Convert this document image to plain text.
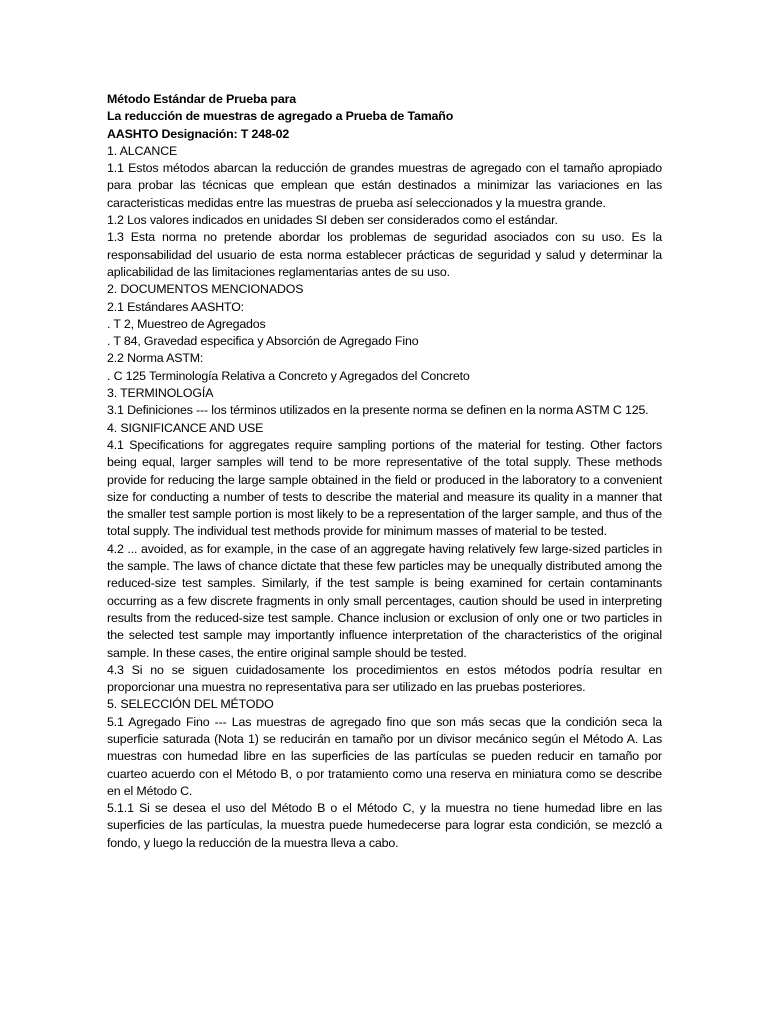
Método Estándar de Prueba para

La reducción de muestras de agregado a Prueba de Tamaño

AASHTO Designación: T 248-02

1. ALCANCE

1.1 Estos métodos abarcan la reducción de grandes muestras de agregado con el tamaño apropiado para probar las técnicas que emplean que están destinados a minimizar las variaciones en las caracteristicas medidas entre las muestras de prueba así seleccionados y la muestra grande.

1.2 Los valores indicados en unidades SI deben ser considerados como el estándar.

1.3 Esta norma no pretende abordar los problemas de seguridad asociados con su uso. Es la responsabilidad del usuario de esta norma establecer prácticas de seguridad y salud y determinar la aplicabilidad de las limitaciones reglamentarias antes de su uso.

2. DOCUMENTOS MENCIONADOS

2.1 Estándares AASHTO:

. T 2, Muestreo de Agregados

. T 84, Gravedad especifica y Absorción de Agregado Fino

2.2 Norma ASTM:

. C 125 Terminología Relativa a Concreto y Agregados del Concreto

3. TERMINOLOGÍA

3.1 Definiciones --- los términos utilizados en la presente norma se definen en la norma ASTM C 125.

4. SIGNIFICANCE AND USE

4.1 Specifications for aggregates require sampling portions of the material for testing. Other factors being equal, larger samples will tend to be more representative of the total supply. These methods provide for reducing the large sample obtained in the field or produced in the laboratory to a convenient size for conducting a number of tests to describe the material and measure its quality in a manner that the smaller test sample portion is most likely to be a representation of the larger sample, and thus of the total supply. The individual test methods provide for minimum masses of material to be tested.

4.2 ... avoided, as for example, in the case of an aggregate having relatively few large-sized particles in the sample. The laws of chance dictate that these few particles may be unequally distributed among the reduced-size test samples. Similarly, if the test sample is being examined for certain contaminants occurring as a few discrete fragments in only small percentages, caution should be used in interpreting results from the reduced-size test sample. Chance inclusion or exclusion of only one or two particles in the selected test sample may importantly influence interpretation of the characteristics of the original sample. In these cases, the entire original sample should be tested.

4.3 Si no se siguen cuidadosamente los procedimientos en estos métodos podría resultar en proporcionar una muestra no representativa para ser utilizado en las pruebas posteriores.

5. SELECCIÓN DEL MÉTODO

5.1 Agregado Fino --- Las muestras de agregado fino que son más secas que la condición seca la superficie saturada (Nota 1) se reducirán en tamaño por un divisor mecánico según el Método A. Las muestras con humedad libre en las superficies de las partículas se pueden reducir en tamaño por cuarteo acuerdo con el Método B, o por tratamiento como una reserva en miniatura como se describe en el Método C.

5.1.1 Si se desea el uso del Método B o el Método C, y la muestra no tiene humedad libre en las superficies de las partículas, la muestra puede humedecerse para lograr esta condición, se mezcló a fondo, y luego la reducción de la muestra lleva a cabo.
